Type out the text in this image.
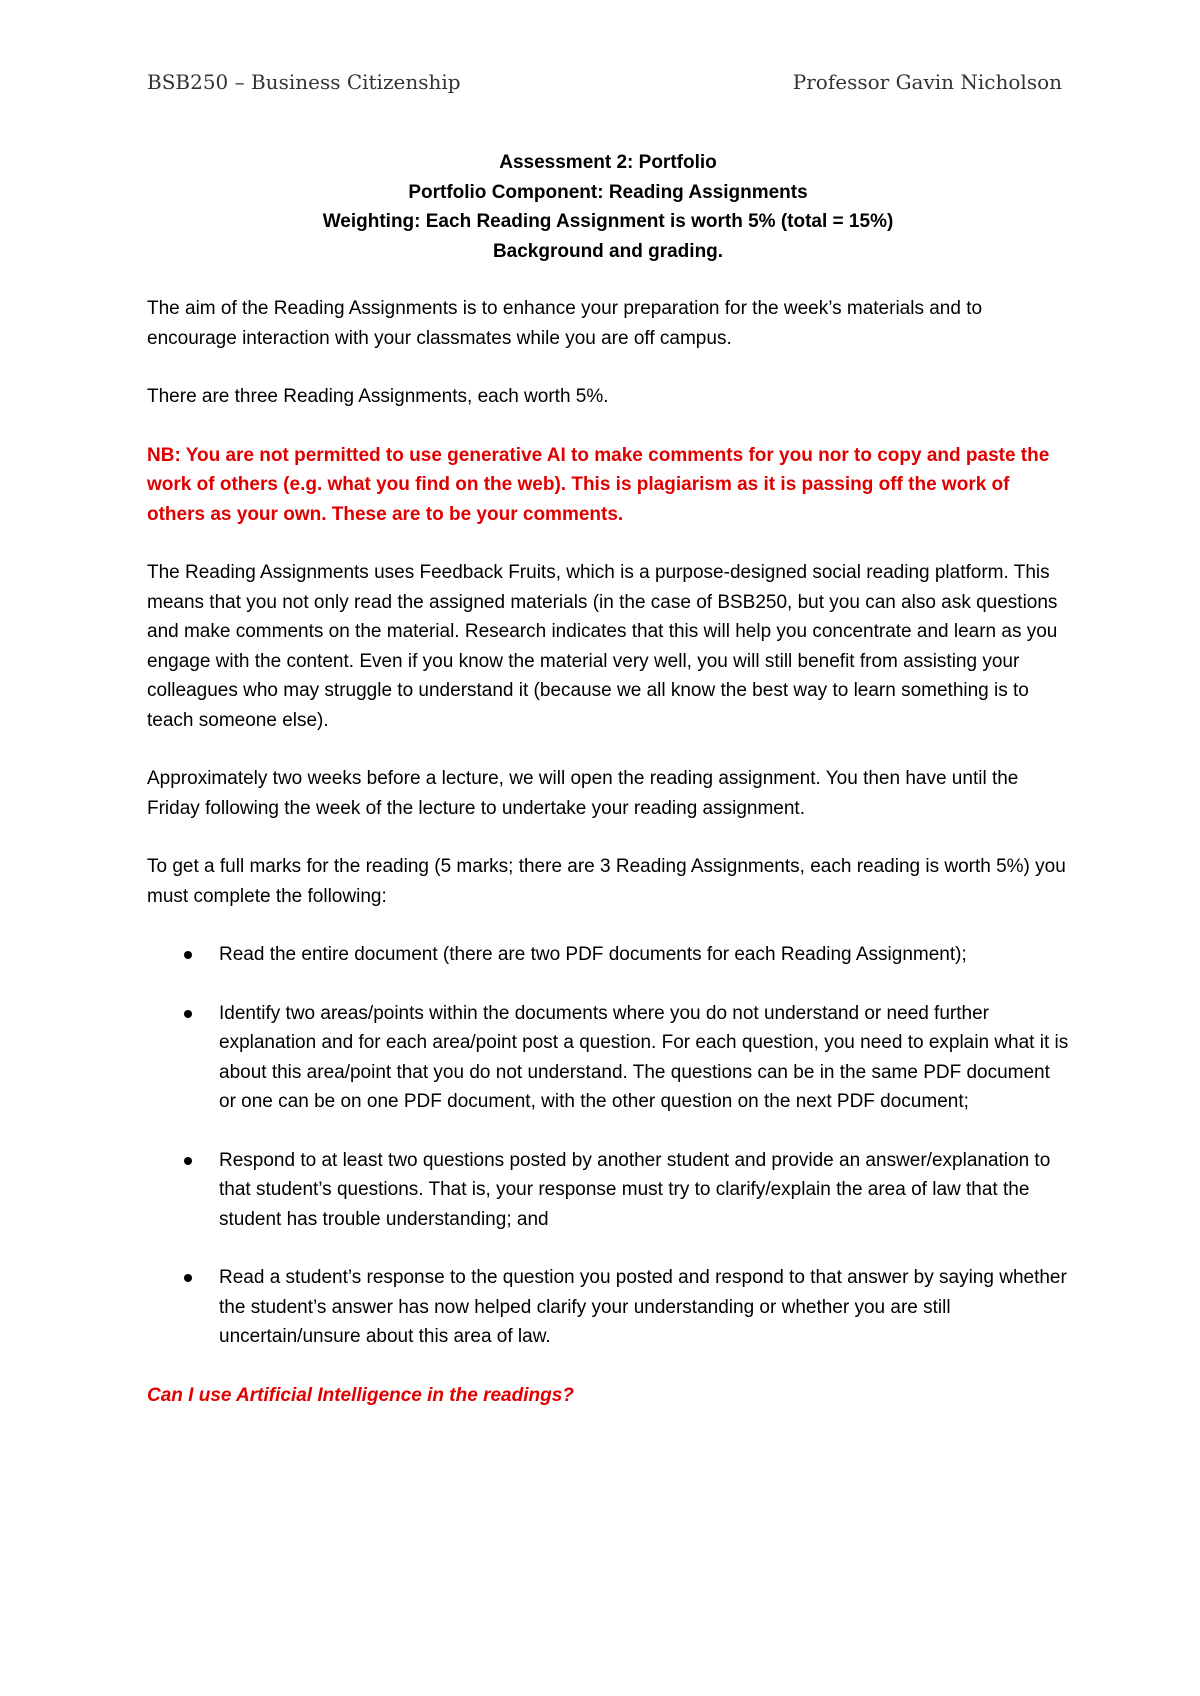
BSB250 – Business Citizenship	Professor Gavin Nicholson
Assessment 2: Portfolio
Portfolio Component: Reading Assignments
Weighting: Each Reading Assignment is worth 5% (total = 15%)
Background and grading.

The aim of the Reading Assignments is to enhance your preparation for the week’s materials and to encourage interaction with your classmates while you are off campus.

There are three Reading Assignments, each worth 5%.

NB: You are not permitted to use generative AI to make comments for you nor to copy and paste the work of others (e.g. what you find on the web). This is plagiarism as it is passing off the work of others as your own. These are to be your comments.

The Reading Assignments uses Feedback Fruits, which is a purpose-designed social reading platform. This means that you not only read the assigned materials (in the case of BSB250, but you can also ask questions and make comments on the material. Research indicates that this will help you concentrate and learn as you engage with the content. Even if you know the material very well, you will still benefit from assisting your colleagues who may struggle to understand it (because we all know the best way to learn something is to teach someone else).

Approximately two weeks before a lecture, we will open the reading assignment. You then have until the Friday following the week of the lecture to undertake your reading assignment.

To get a full marks for the reading (5 marks; there are 3 Reading Assignments, each reading is worth 5%) you must complete the following:

Read the entire document (there are two PDF documents for each Reading Assignment);
Identify two areas/points within the documents where you do not understand or need further explanation and for each area/point post a question. For each question, you need to explain what it is about this area/point that you do not understand. The questions can be in the same PDF document or one can be on one PDF document, with the other question on the next PDF document;
Respond to at least two questions posted by another student and provide an answer/explanation to that student’s questions. That is, your response must try to clarify/explain the area of law that the student has trouble understanding; and
Read a student’s response to the question you posted and respond to that answer by saying whether the student’s answer has now helped clarify your understanding or whether you are still uncertain/unsure about this area of law.

Can I use Artificial Intelligence in the readings?
